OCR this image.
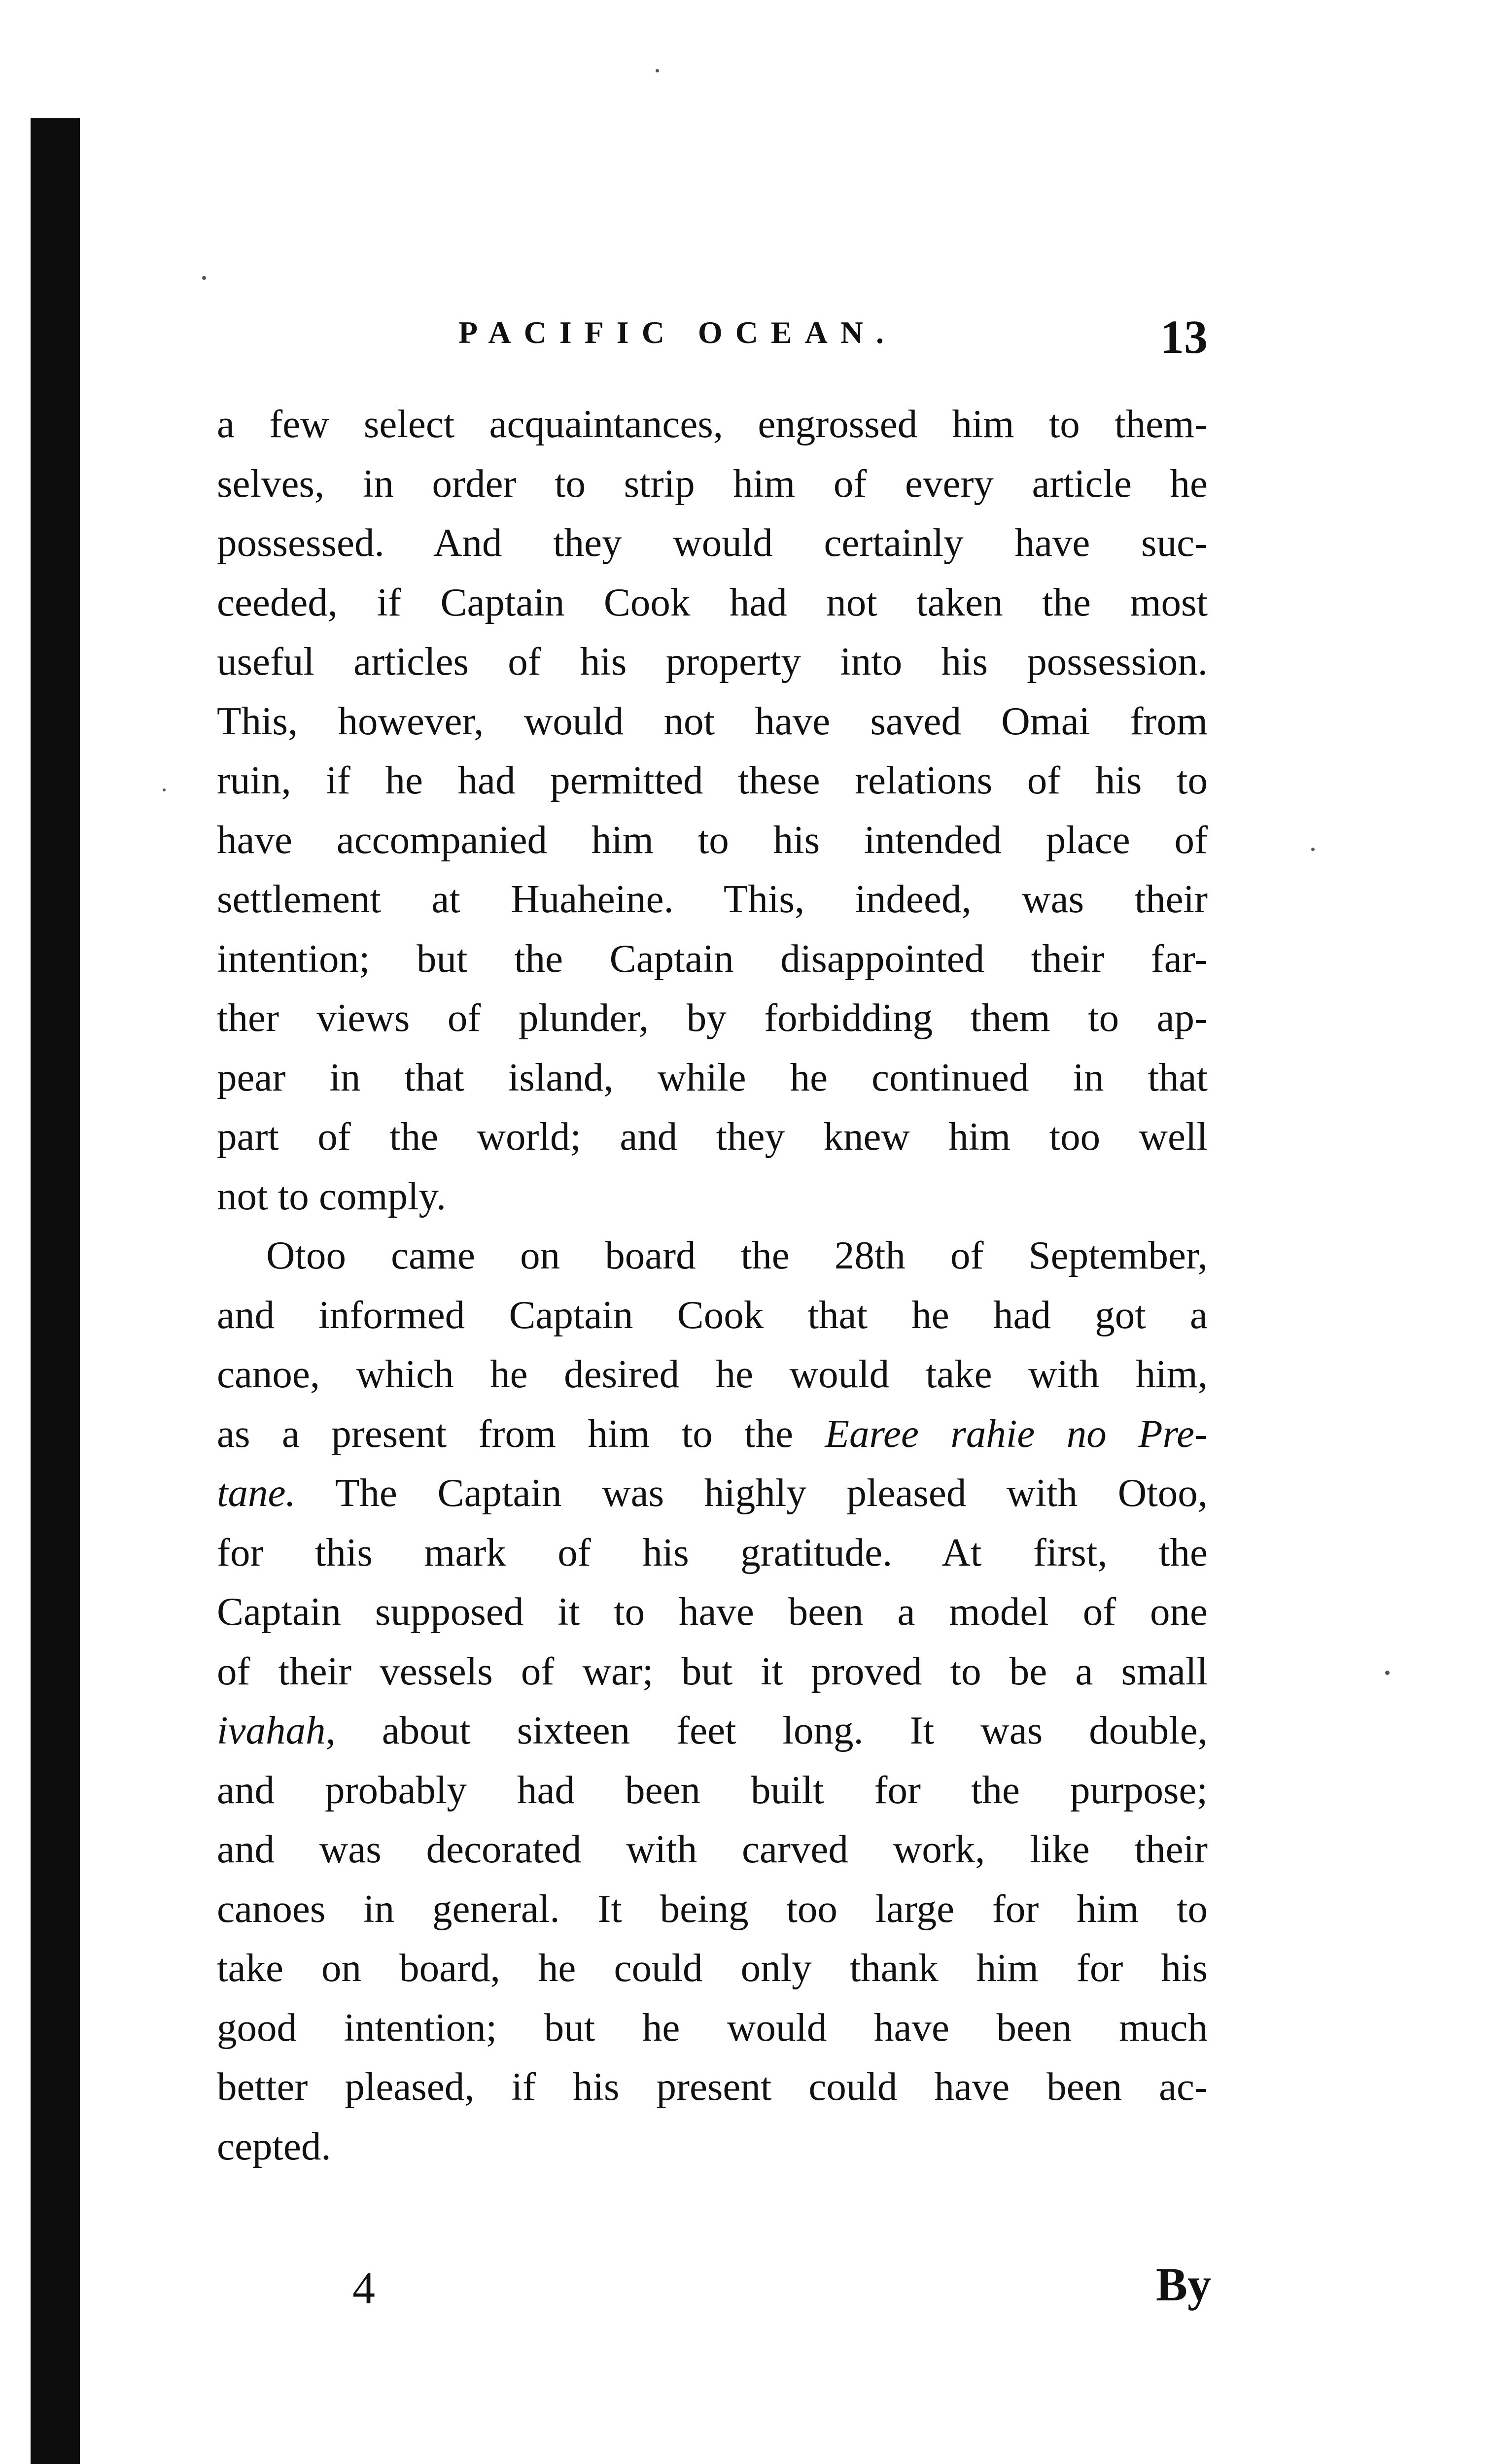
PACIFIC OCEAN.	13
a few select acquaintances, engrossed him to them-
selves, in order to strip him of every article he
possessed. And they would certainly have suc-
ceeded, if Captain Cook had not taken the most
useful articles of his property into his possession.
This, however, would not have saved Omai from
ruin, if he had permitted these relations of his to
have accompanied him to his intended place of
settlement at Huaheine. This, indeed, was their
intention; but the Captain disappointed their far-
ther views of plunder, by forbidding them to ap-
pear in that island, while he continued in that
part of the world; and they knew him too well
not to comply.
Otoo came on board the 28th of September,
and informed Captain Cook that he had got a
canoe, which he desired he would take with him,
as a present from him to the Earee rahie no Pre-
tane. The Captain was highly pleased with Otoo,
for this mark of his gratitude. At first, the
Captain supposed it to have been a model of one
of their vessels of war; but it proved to be a small
ivahah, about sixteen feet long. It was double,
and probably had been built for the purpose;
and was decorated with carved work, like their
canoes in general. It being too large for him to
take on board, he could only thank him for his
good intention; but he would have been much
better pleased, if his present could have been ac-
cepted.
4	By
